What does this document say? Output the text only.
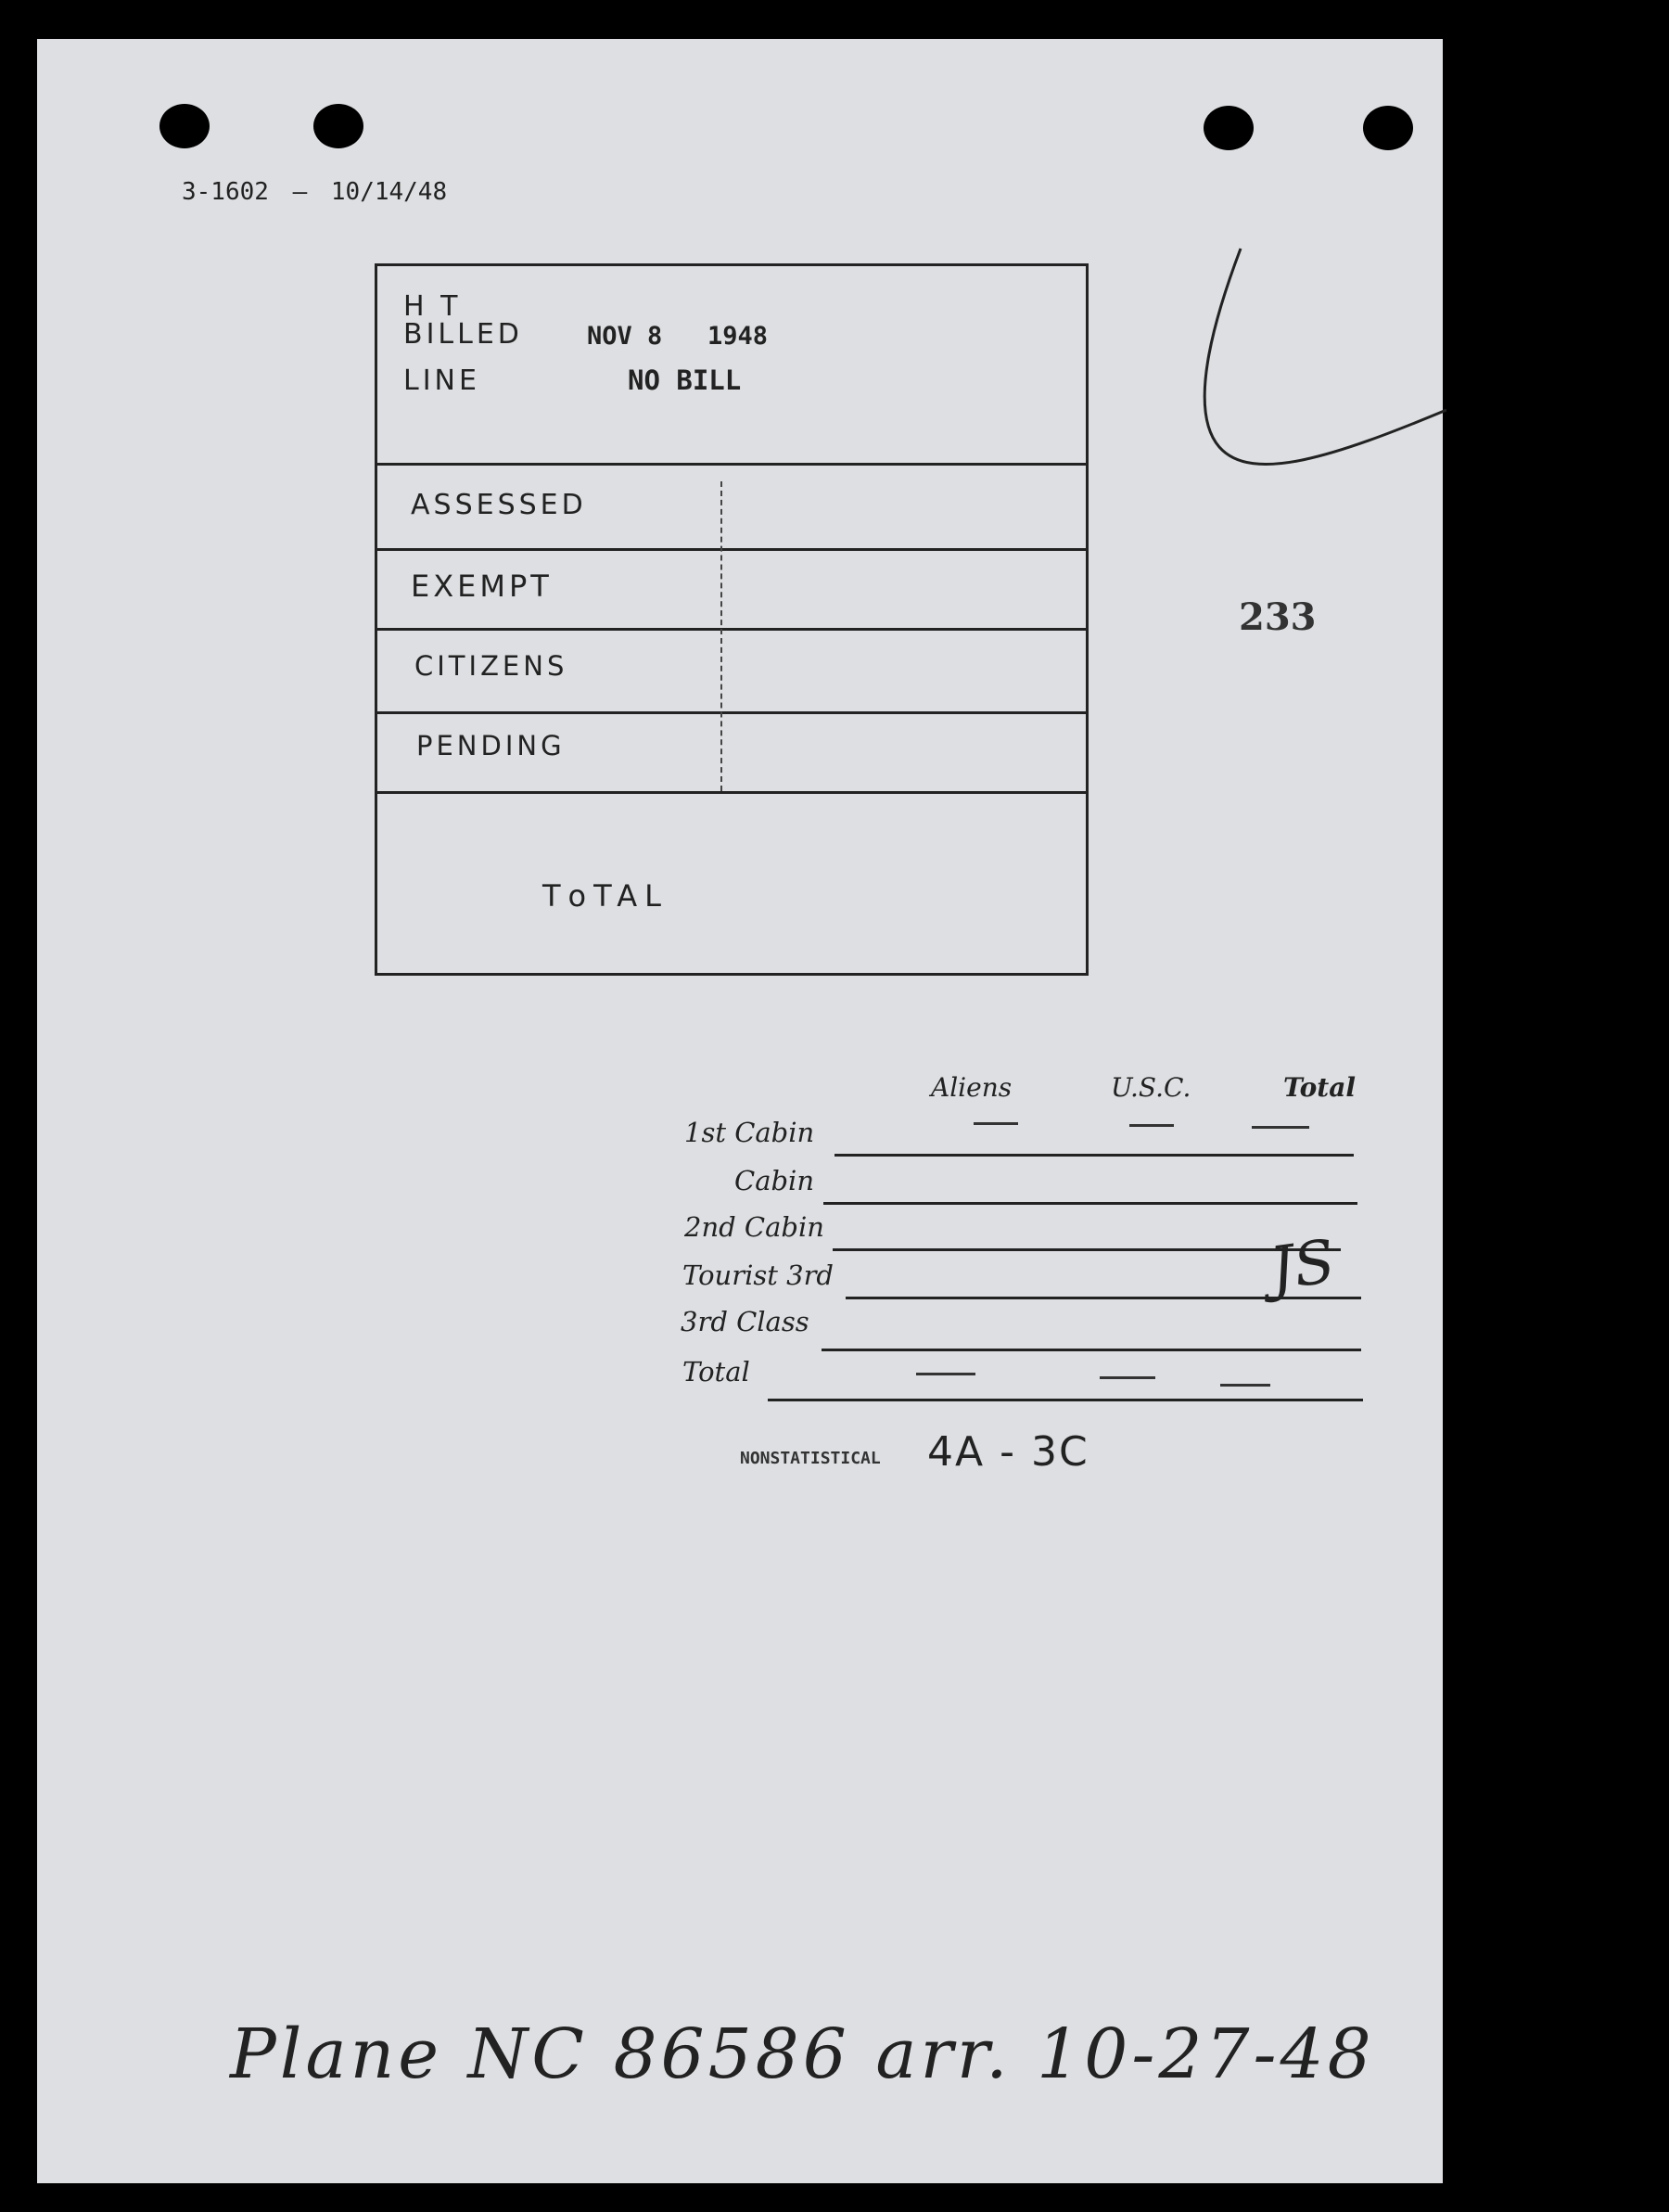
3-1602 — 10/14/48
H T
BILLED	NOV 8   1948
LINE	NO BILL
ASSESSED
EXEMPT
CITIZENS
PENDING
TοTAL
233
Aliens	U.S.C.	Total
1st Cabin
Cabin
2nd Cabin
Tourist 3rd
3rd Class
Total
JS
NONSTATISTICAL 4A - 3C
Plane NC 86586 arr. 10-27-48
